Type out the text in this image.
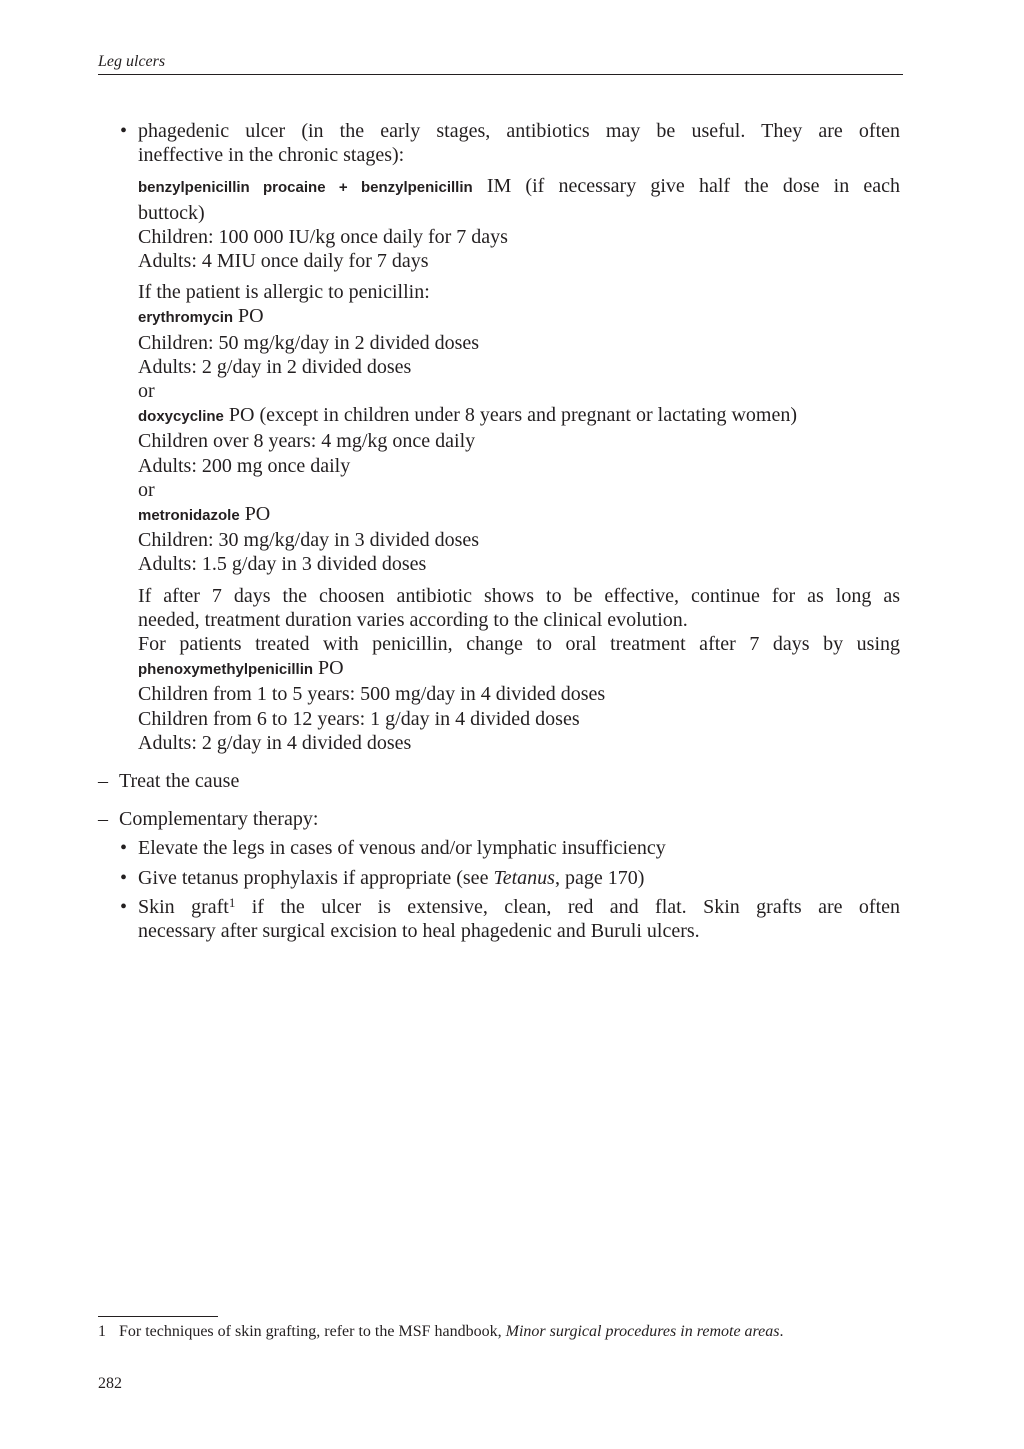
Leg ulcers
• phagedenic ulcer (in the early stages, antibiotics may be useful. They are often
ineffective in the chronic stages):
benzylpenicillin procaine + benzylpenicillin IM (if necessary give half the dose in each
buttock)
Children: 100 000 IU/kg once daily for 7 days
Adults: 4 MIU once daily for 7 days
If the patient is allergic to penicillin:
erythromycin PO
Children: 50 mg/kg/day in 2 divided doses
Adults: 2 g/day in 2 divided doses
or
doxycycline PO (except in children under 8 years and pregnant or lactating women)
Children over 8 years: 4 mg/kg once daily
Adults: 200 mg once daily
or
metronidazole PO
Children: 30 mg/kg/day in 3 divided doses
Adults: 1.5 g/day in 3 divided doses
If after 7 days the choosen antibiotic shows to be effective, continue for as long as
needed, treatment duration varies according to the clinical evolution.
For patients treated with penicillin, change to oral treatment after 7 days by using
phenoxymethylpenicillin PO
Children from 1 to 5 years: 500 mg/day in 4 divided doses
Children from 6 to 12 years: 1 g/day in 4 divided doses
Adults: 2 g/day in 4 divided doses
– Treat the cause
– Complementary therapy:
• Elevate the legs in cases of venous and/or lymphatic insufficiency
• Give tetanus prophylaxis if appropriate (see Tetanus, page 170)
• Skin graft$^1$ if the ulcer is extensive, clean, red and flat. Skin grafts are often
necessary after surgical excision to heal phagedenic and Buruli ulcers.
1 For techniques of skin grafting, refer to the MSF handbook, Minor surgical procedures in remote areas.
282
